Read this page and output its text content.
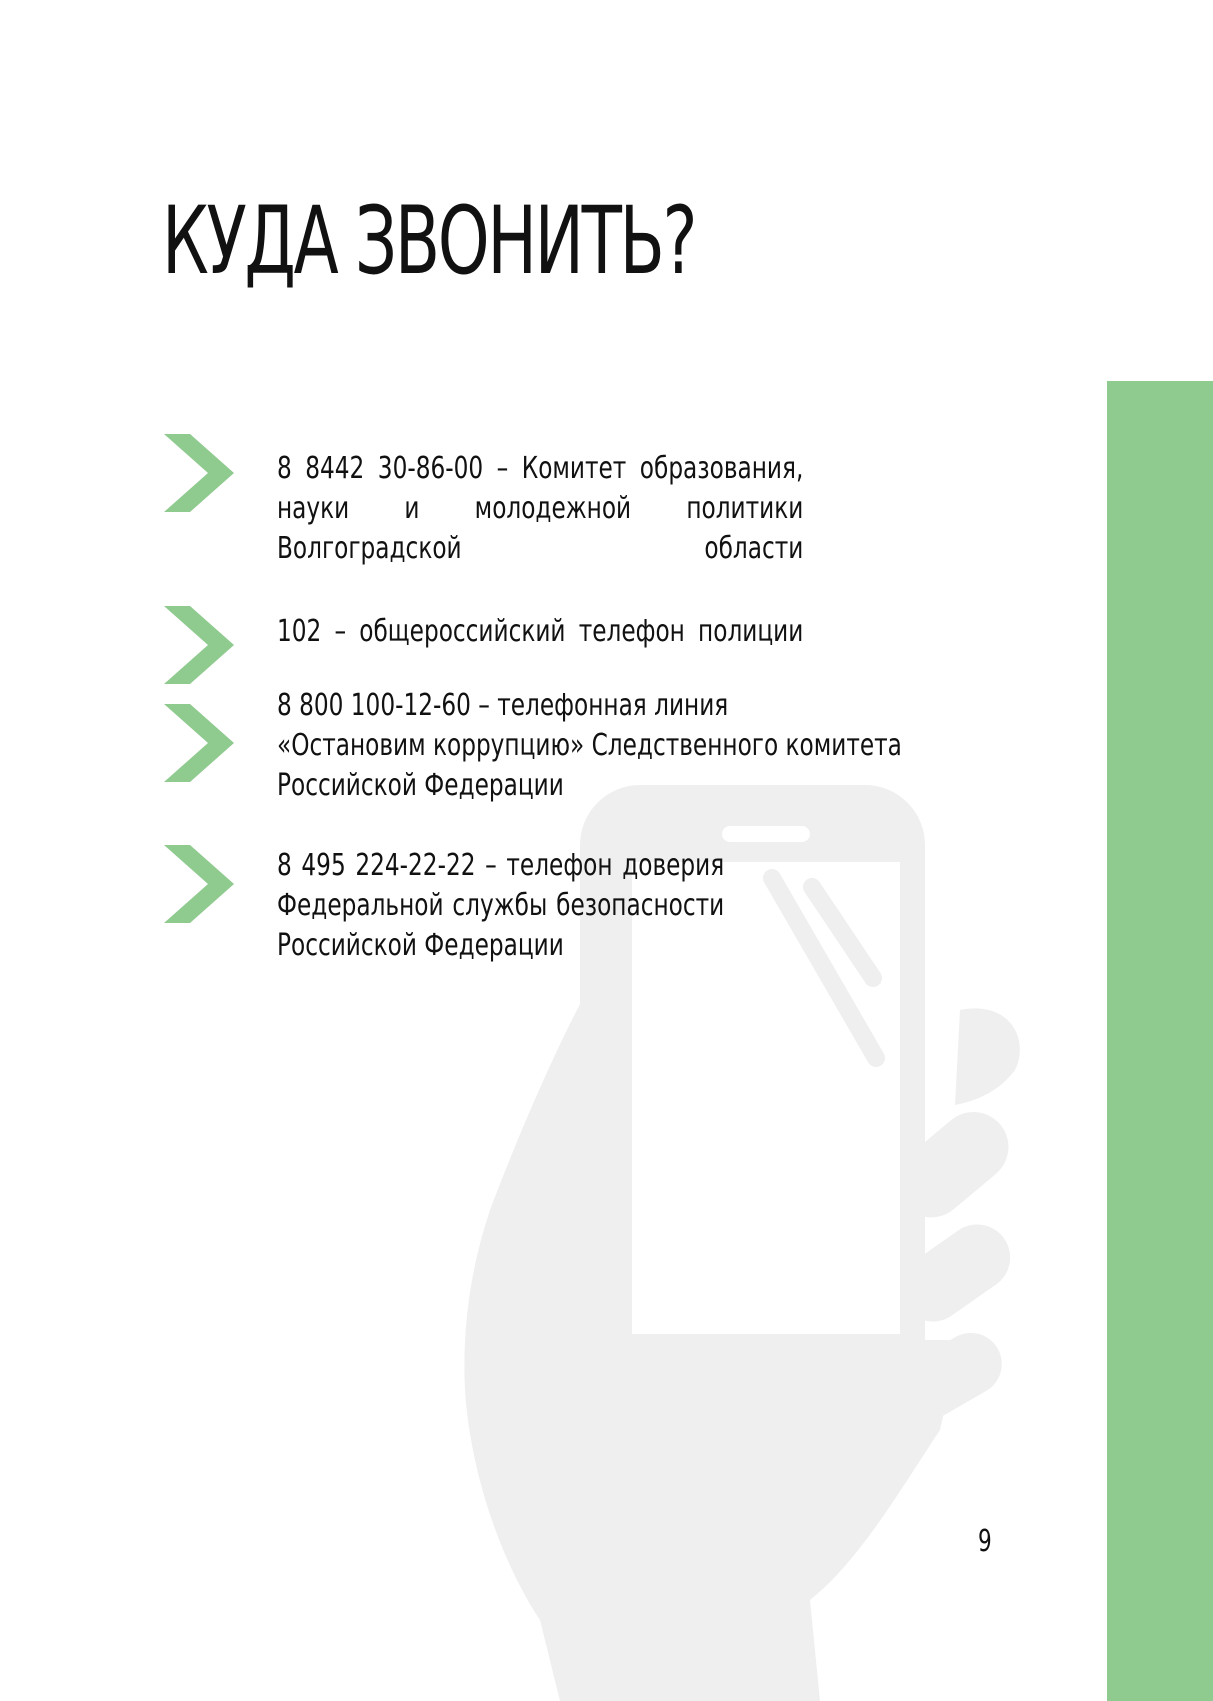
КУДА ЗВОНИТЬ?
8 8442 30-86-00 – Комитет образования,
науки и молодежной политики
Волгоградской области
102 – общероссийский телефон полиции
8 800 100-12-60 – телефонная линия
«Остановим коррупцию» Следственного комитета
Российской Федерации
8 495 224-22-22 – телефон доверия
Федеральной службы безопасности
Российской Федерации
9
